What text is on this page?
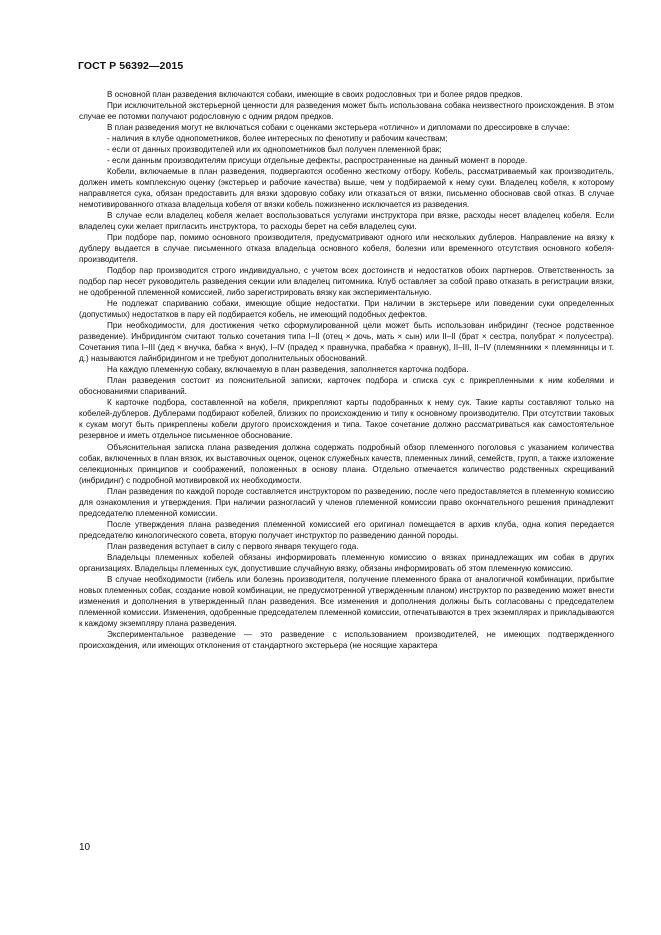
ГОСТ Р 56392—2015

В основной план разведения включаются собаки, имеющие в своих родословных три и более рядов предков.

При исключительной экстерьерной ценности для разведения может быть использована собака неизвестного происхождения. В этом случае ее потомки получают родословную с одним рядом предков.

В план разведения могут не включаться собаки с оценками экстерьера «отлично» и дипломами по дрессировке в случае:

- наличия в клубе однопометников, более интересных по фенотипу и рабочим качествам;

- если от данных производителей или их однопометников был получен племенной брак;

- если данным производителям присущи отдельные дефекты, распространенные на данный момент в породе.

Кобели, включаемые в план разведения, подвергаются особенно жесткому отбору. Кобель, рассматриваемый как производитель, должен иметь комплексную оценку (экстерьер и рабочие качества) выше, чем у подбираемой к нему суки. Владелец кобеля, к которому направляется сука, обязан предоставить для вязки здоровую собаку или отказаться от вязки, письменно обосновав свой отказ. В случае немотивированного отказа владельца кобеля от вязки кобель пожизненно исключается из разведения.

В случае если владелец кобеля желает воспользоваться услугами инструктора при вязке, расходы несет владелец кобеля. Если владелец суки желает пригласить инструктора, то расходы берет на себя владелец суки.

При подборе пар, помимо основного производителя, предусматривают одного или нескольких дублеров. Направление на вязку к дублеру выдается в случае письменного отказа владельца основного кобеля, болезни или временного отсутствия основного кобеля-производителя.

Подбор пар производится строго индивидуально, с учетом всех достоинств и недостатков обоих партнеров. Ответственность за подбор пар несет руководитель разведения секции или владелец питомника. Клуб оставляет за собой право отказать в регистрации вязки, не одобренной племенной комиссией, либо зарегистрировать вязку как экспериментальную.

Не подлежат спариванию собаки, имеющие общие недостатки. При наличии в экстерьере или поведении суки определенных (допустимых) недостатков в пару ей подбирается кобель, не имеющий подобных дефектов.

При необходимости, для достижения четко сформулированной цели может быть использован инбридинг (тесное родственное разведение). Инбридингом считают только сочетания типа I–II (отец × дочь, мать × сын) или II–II (брат × сестра, полубрат × полусестра). Сочетания типа I–III (дед × внучка, бабка × внук), I–IV (прадед × правнучка, прабабка × правнук), II–III, II–IV (племянники × племянницы и т. д.) называются лайнбридингом и не требуют дополнительных обоснований.

На каждую племенную собаку, включаемую в план разведения, заполняется карточка подбора.

План разведения состоит из пояснительной записки, карточек подбора и списка сук с прикрепленными к ним кобелями и обоснованиями спариваний.

К карточке подбора, составленной на кобеля, прикрепляют карты подобранных к нему сук. Такие карты составляют только на кобелей-дублеров. Дублерами подбирают кобелей, близких по происхождению и типу к основному производителю. При отсутствии таковых к сукам могут быть прикреплены кобели другого происхождения и типа. Такое сочетание должно рассматриваться как самостоятельное резервное и иметь отдельное письменное обоснование.

Объяснительная записка плана разведения должна содержать подробный обзор племенного поголовья с указанием количества собак, включенных в план вязок, их выставочных оценок, оценок служебных качеств, племенных линий, семейств, групп, а также изложение селекционных принципов и соображений, положенных в основу плана. Отдельно отмечается количество родственных скрещиваний (инбридинг) с подробной мотивировкой их необходимости.

План разведения по каждой породе составляется инструктором по разведению, после чего предоставляется в племенную комиссию для ознакомления и утверждения. При наличии разногласий у членов племенной комиссии право окончательного решения принадлежит председателю племенной комиссии.

После утверждения плана разведения племенной комиссией его оригинал помещается в архив клуба, одна копия передается председателю кинологического совета, вторую получает инструктор по разведению данной породы.

План разведения вступает в силу с первого января текущего года.

Владельцы племенных кобелей обязаны информировать племенную комиссию о вязках принадлежащих им собак в других организациях. Владельцы племенных сук, допустившие случайную вязку, обязаны информировать об этом племенную комиссию.

В случае необходимости (гибель или болезнь производителя, получение племенного брака от аналогичной комбинации, прибытие новых племенных собак, создание новой комбинации, не предусмотренной утвержденным планом) инструктор по разведению может внести изменения и дополнения в утвержденный план разведения. Все изменения и дополнения должны быть согласованы с председателем племенной комиссии. Изменения, одобренные председателем племенной комиссии, отпечатываются в трех экземплярах и прикладываются к каждому экземпляру плана разведения.

Экспериментальное разведение — это разведение с использованием производителей, не имеющих подтвержденного происхождения, или имеющих отклонения от стандартного экстерьера (не носящие характера

10
